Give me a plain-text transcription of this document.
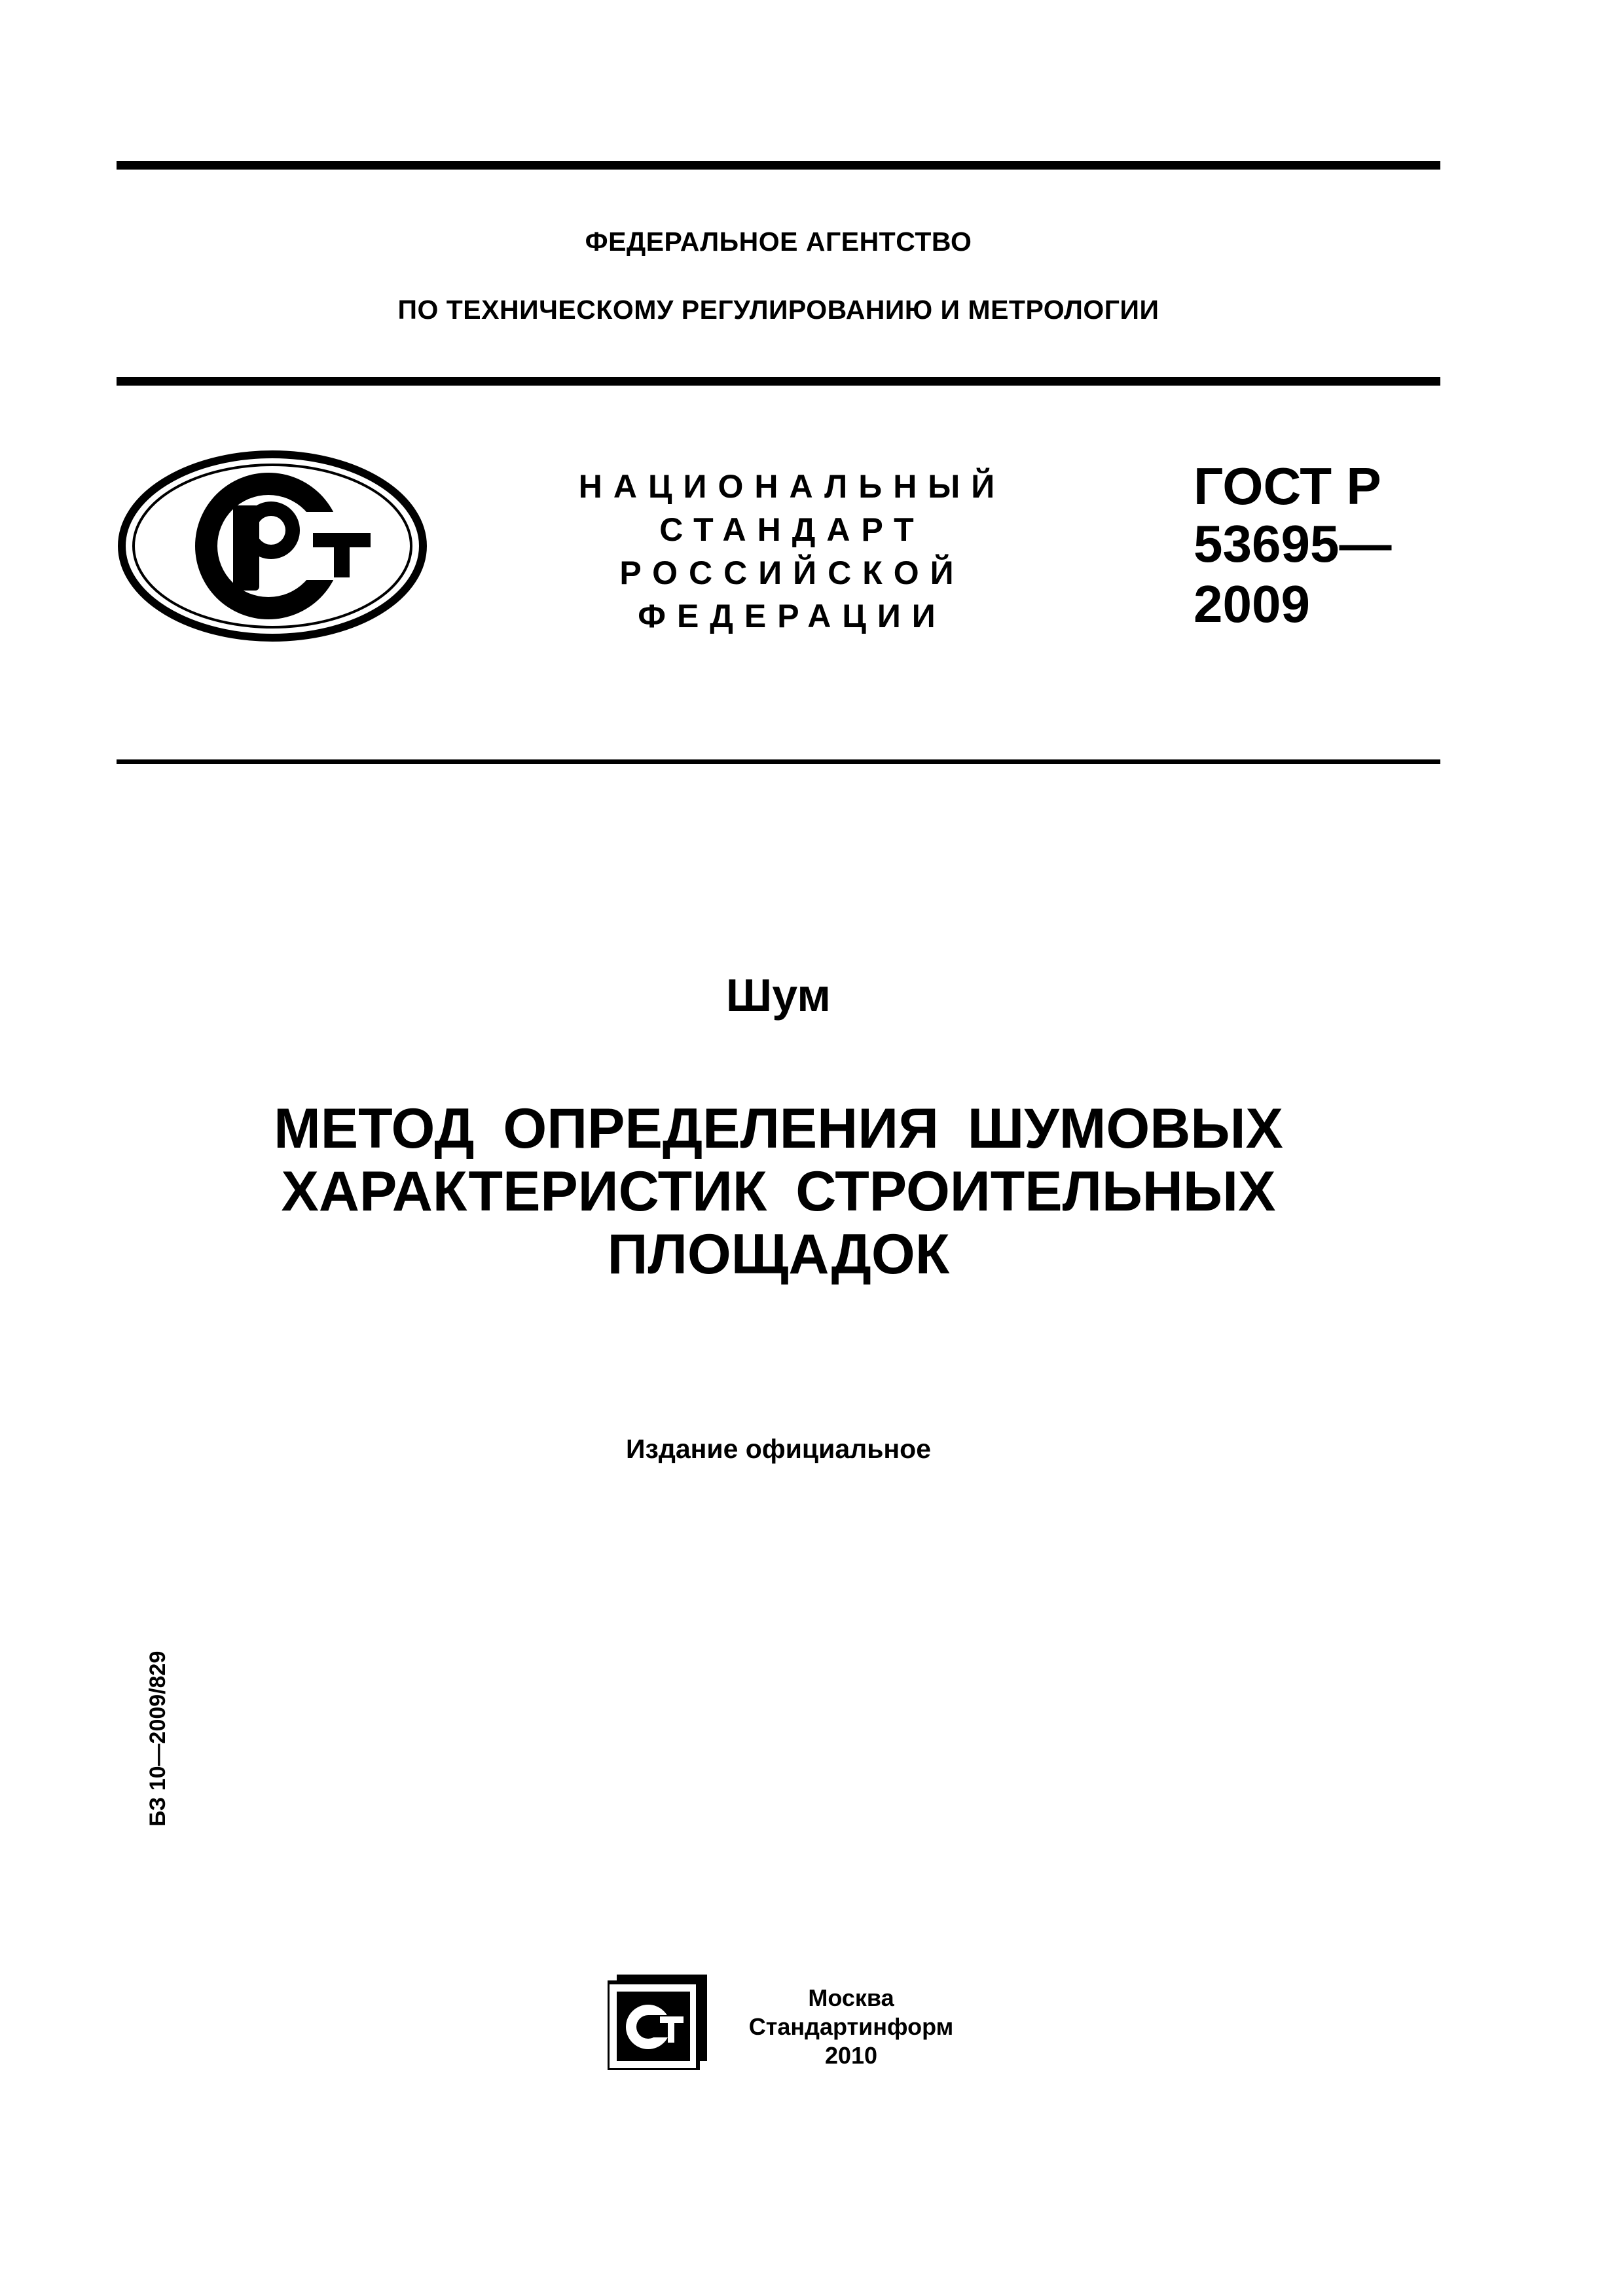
ФЕДЕРАЛЬНОЕ АГЕНТСТВО
ПО ТЕХНИЧЕСКОМУ РЕГУЛИРОВАНИЮ И МЕТРОЛОГИИ
НАЦИОНАЛЬНЫЙ
СТАНДАРТ
РОССИЙСКОЙ
ФЕДЕРАЦИИ
ГОСТ Р
53695—
2009
Шум
МЕТОД ОПРЕДЕЛЕНИЯ ШУМОВЫХ
ХАРАКТЕРИСТИК СТРОИТЕЛЬНЫХ
ПЛОЩАДОК
Издание официальное
БЗ 10—2009/829
Москва
Стандартинформ
2010
